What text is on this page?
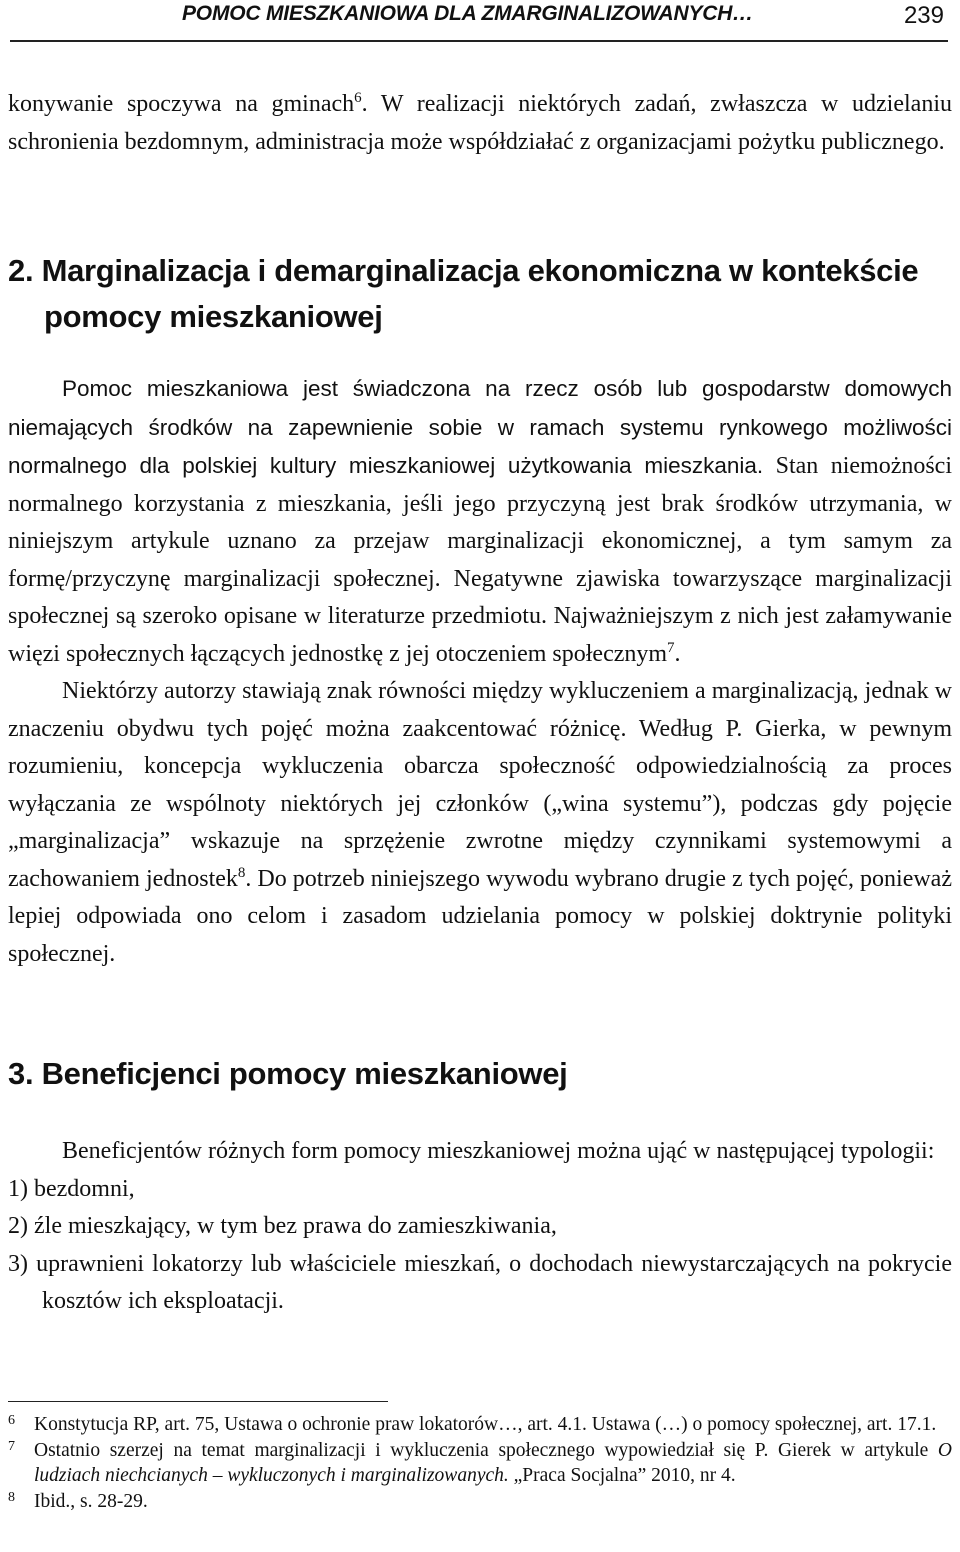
POMOC MIESZKANIOWA DLA ZMARGINALIZOWANYCH…	239

konywanie spoczywa na gminach$^6$. W realizacji niektórych zadań, zwłaszcza w udzielaniu schronienia bezdomnym, administracja może współdziałać z organizacjami pożytku publicznego.

2. Marginalizacja i demarginalizacja ekonomiczna w kontekście pomocy mieszkaniowej

Pomoc mieszkaniowa jest świadczona na rzecz osób lub gospodarstw domowych niemających środków na zapewnienie sobie w ramach systemu rynkowego możliwości normalnego dla polskiej kultury mieszkaniowej użytkowania mieszkania. Stan niemożności normalnego korzystania z mieszkania, jeśli jego przyczyną jest brak środków utrzymania, w niniejszym artykule uznano za przejaw marginalizacji ekonomicznej, a tym samym za formę/przyczynę marginalizacji społecznej. Negatywne zjawiska towarzyszące marginalizacji społecznej są szeroko opisane w literaturze przedmiotu. Najważniejszym z nich jest załamywanie więzi społecznych łączących jednostkę z jej otoczeniem społecznym$^7$.

Niektórzy autorzy stawiają znak równości między wykluczeniem a marginalizacją, jednak w znaczeniu obydwu tych pojęć można zaakcentować różnicę. Według P. Gierka, w pewnym rozumieniu, koncepcja wykluczenia obarcza społeczność odpowiedzialnością za proces wyłączania ze wspólnoty niektórych jej członków („wina systemu”), podczas gdy pojęcie „marginalizacja” wskazuje na sprzężenie zwrotne między czynnikami systemowymi a zachowaniem jednostek$^8$. Do potrzeb niniejszego wywodu wybrano drugie z tych pojęć, ponieważ lepiej odpowiada ono celom i zasadom udzielania pomocy w polskiej doktrynie polityki społecznej.

3. Beneficjenci pomocy mieszkaniowej

Beneficjentów różnych form pomocy mieszkaniowej można ująć w następującej typologii:

1) bezdomni,
2) źle mieszkający, w tym bez prawa do zamieszkiwania,
3) uprawnieni lokatorzy lub właściciele mieszkań, o dochodach niewystarczających na pokrycie kosztów ich eksploatacji.
6 Konstytucja RP, art. 75, Ustawa o ochronie praw lokatorów…, art. 4.1. Ustawa (…) o pomocy społecznej, art. 17.1.
7 Ostatnio szerzej na temat marginalizacji i wykluczenia społecznego wypowiedział się P. Gierek w artykule O ludziach niechcianych – wykluczonych i marginalizowanych. „Praca Socjalna” 2010, nr 4.
8 Ibid., s. 28-29.
